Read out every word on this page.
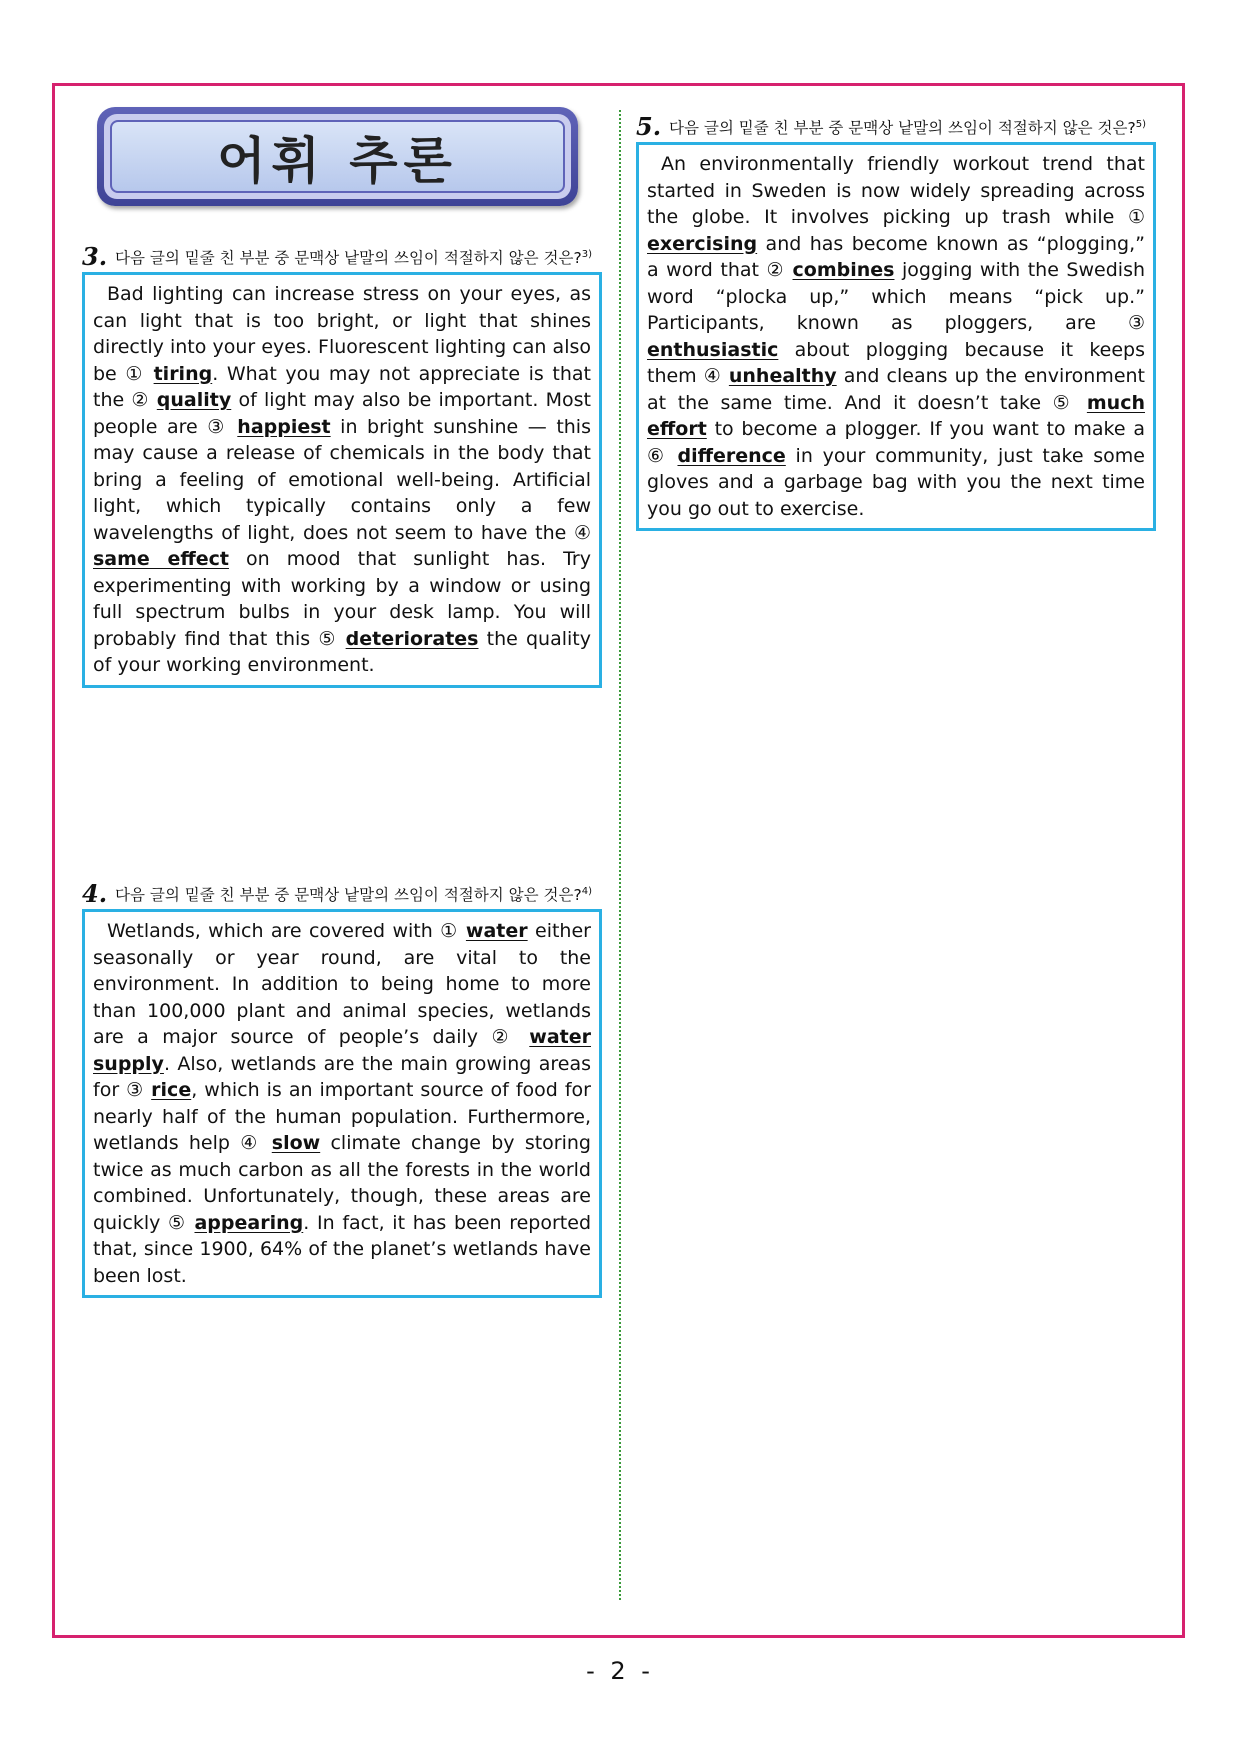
어휘 추론
3. 다음 글의 밑줄 친 부분 중 문맥상 낱말의 쓰임이 적절하지 않은 것은?$^{3)}$
Bad lighting can increase stress on your eyes, as can light that is too bright, or light that shines directly into your eyes. Fluorescent lighting can also be ① tiring. What you may not appreciate is that the ② quality of light may also be important. Most people are ③ happiest in bright sunshine — this may cause a release of chemicals in the body that bring a feeling of emotional well-being. Artificial light, which typically contains only a few wavelengths of light, does not seem to have the ④ same effect on mood that sunlight has. Try experimenting with working by a window or using full spectrum bulbs in your desk lamp. You will probably find that this ⑤ deteriorates the quality of your working environment.
4. 다음 글의 밑줄 친 부분 중 문맥상 낱말의 쓰임이 적절하지 않은 것은?$^{4)}$
Wetlands, which are covered with ① water either seasonally or year round, are vital to the environment. In addition to being home to more than 100,000 plant and animal species, wetlands are a major source of people’s daily ② water supply. Also, wetlands are the main growing areas for ③ rice, which is an important source of food for nearly half of the human population. Furthermore, wetlands help ④ slow climate change by storing twice as much carbon as all the forests in the world combined. Unfortunately, though, these areas are quickly ⑤ appearing. In fact, it has been reported that, since 1900, 64% of the planet’s wetlands have been lost.
5. 다음 글의 밑줄 친 부분 중 문맥상 낱말의 쓰임이 적절하지 않은 것은?$^{5)}$
An environmentally friendly workout trend that started in Sweden is now widely spreading across the globe. It involves picking up trash while ① exercising and has become known as “plogging,” a word that ② combines jogging with the Swedish word “plocka up,” which means “pick up.” Participants, known as ploggers, are ③ enthusiastic about plogging because it keeps them ④ unhealthy and cleans up the environment at the same time. And it doesn’t take ⑤ much effort to become a plogger. If you want to make a ⑥ difference in your community, just take some gloves and a garbage bag with you the next time you go out to exercise.
- 2 -
